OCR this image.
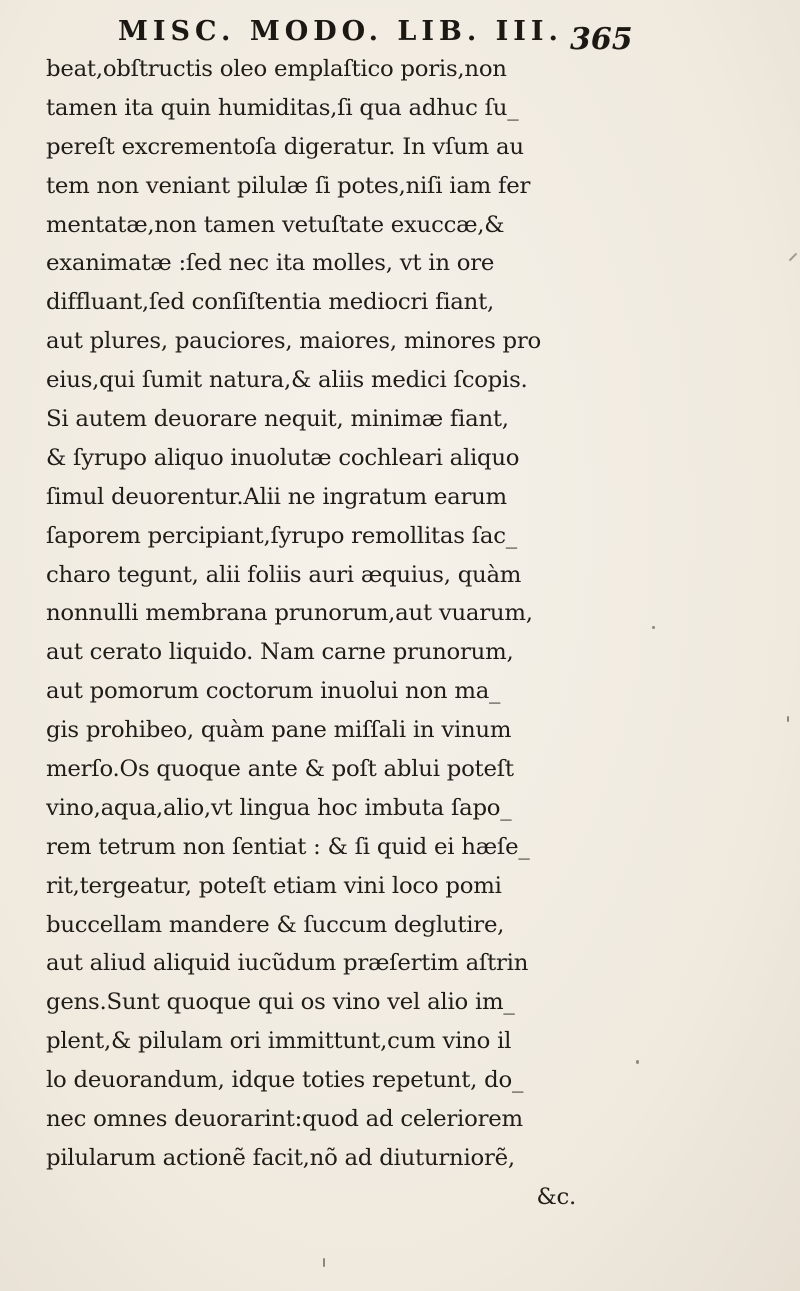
MISC. MODO. LIB. III. 365
beat,obſtructis oleo emplaſtico poris,non
tamen ita quin humiditas,ſi qua adhuc ſu_
pereſt excrementoſa digeratur. In vſum au
tem non veniant pilulæ ſi potes,niſi iam fer
mentatæ,non tamen vetuſtate exuccæ,&
exanimatæ :ſed nec ita molles, vt in ore
diffluant,ſed conſiſtentia mediocri fiant,
aut plures, pauciores, maiores, minores pro
eius,qui ſumit natura,& aliis medici ſcopis.
Si autem deuorare nequit, minimæ fiant,
& ſyrupo aliquo inuolutæ cochleari aliquo
ſimul deuorentur.Alii ne ingratum earum
ſaporem percipiant,ſyrupo remollitas ſac_
charo tegunt, alii foliis auri æquius, quàm
nonnulli membrana prunorum,aut vuarum,
aut cerato liquido. Nam carne prunorum,
aut pomorum coctorum inuolui non ma_
gis prohibeo, quàm pane miſſali in vinum
merſo.Os quoque ante & poſt ablui poteſt
vino,aqua,alio,vt lingua hoc imbuta ſapo_
rem tetrum non ſentiat : & ſi quid ei hæſe_
rit,tergeatur, poteſt etiam vini loco pomi
buccellam mandere & ſuccum deglutire,
aut aliud aliquid iucũdum præſertim aſtrin
gens.Sunt quoque qui os vino vel alio im_
plent,& pilulam ori immittunt,cum vino il
lo deuorandum, idque toties repetunt, do_
nec omnes deuorarint:quod ad celeriorem
pilularum actionẽ facit,nõ ad diuturniorẽ,
&c.
